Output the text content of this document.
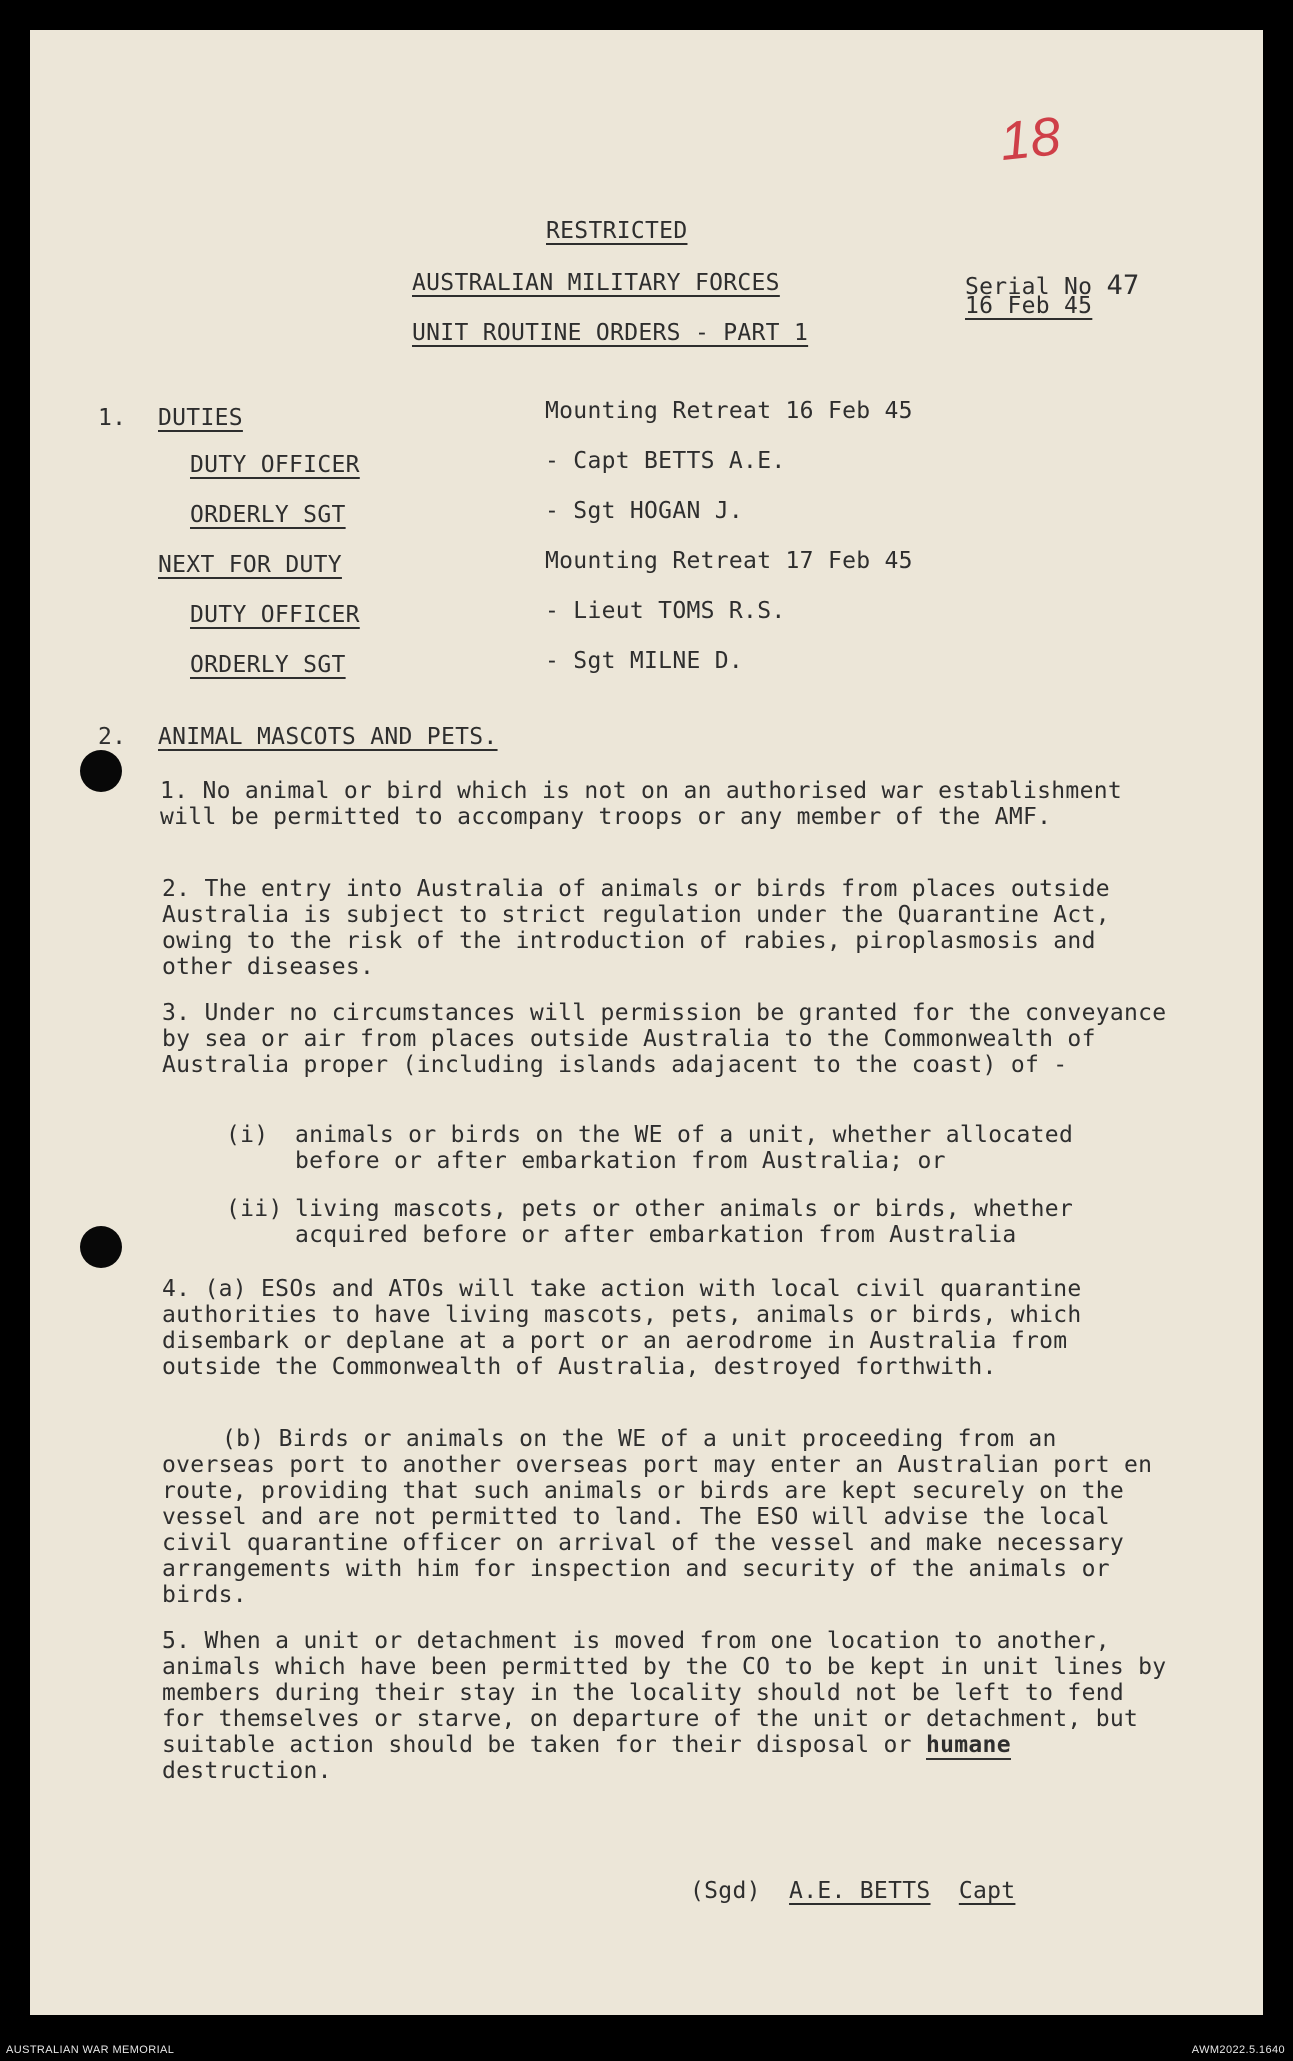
18
RESTRICTED
AUSTRALIAN MILITARY FORCES
UNIT ROUTINE ORDERS - PART 1
Serial No 47
16 Feb 45
1. DUTIES	Mounting Retreat 16 Feb 45
DUTY OFFICER	- Capt BETTS A.E.
ORDERLY SGT	- Sgt HOGAN J.
NEXT FOR DUTY	Mounting Retreat 17 Feb 45
DUTY OFFICER	- Lieut TOMS R.S.
ORDERLY SGT	- Sgt MILNE D.
2. ANIMAL MASCOTS AND PETS.
1. No animal or bird which is not on an authorised war establishment will be permitted to accompany troops or any member of the AMF.
2. The entry into Australia of animals or birds from places outside Australia is subject to strict regulation under the Quarantine Act, owing to the risk of the introduction of rabies, piroplasmosis and other diseases.
3. Under no circumstances will permission be granted for the conveyance by sea or air from places outside Australia to the Commonwealth of Australia proper (including islands adajacent to the coast) of -
(i) animals or birds on the WE of a unit, whether allocated before or after embarkation from Australia; or
(ii) living mascots, pets or other animals or birds, whether acquired before or after embarkation from Australia
4. (a) ESOs and ATOs will take action with local civil quarantine authorities to have living mascots, pets, animals or birds, which disembark or deplane at a port or an aerodrome in Australia from outside the Commonwealth of Australia, destroyed forthwith.
(b) Birds or animals on the WE of a unit proceeding from an overseas port to another overseas port may enter an Australian port en route, providing that such animals or birds are kept securely on the vessel and are not permitted to land. The ESO will advise the local civil quarantine officer on arrival of the vessel and make necessary arrangements with him for inspection and security of the animals or birds.
5. When a unit or detachment is moved from one location to another, animals which have been permitted by the CO to be kept in unit lines by members during their stay in the locality should not be left to fend for themselves or starve, on departure of the unit or detachment, but suitable action should be taken for their disposal or humane destruction.
(Sgd) A.E. BETTS Capt
AUSTRALIAN WAR MEMORIAL	AWM2022.5.1640
